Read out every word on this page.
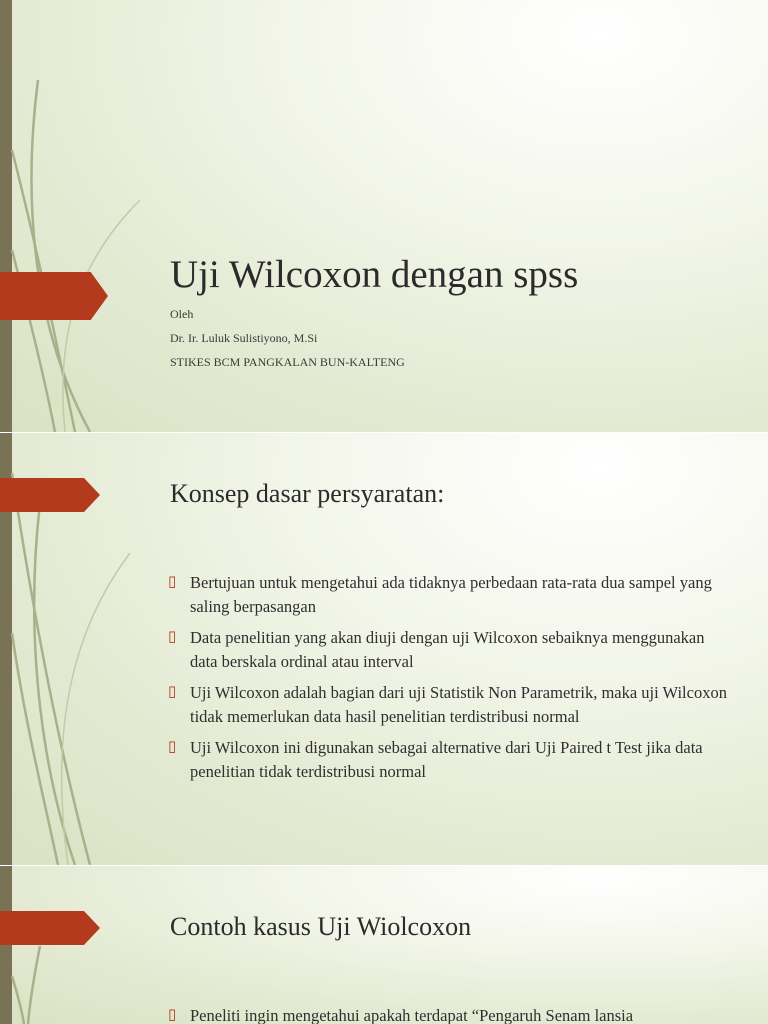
Uji Wilcoxon dengan spss
Oleh
Dr. Ir. Luluk Sulistiyono, M.Si
STIKES BCM PANGKALAN BUN-KALTENG
Konsep dasar persyaratan:
▯ Bertujuan untuk mengetahui ada tidaknya perbedaan rata-rata dua sampel yang saling berpasangan
▯ Data penelitian yang akan diuji dengan uji Wilcoxon sebaiknya menggunakan data berskala ordinal atau interval
▯ Uji Wilcoxon adalah bagian dari uji Statistik Non Parametrik, maka uji Wilcoxon tidak memerlukan data hasil penelitian terdistribusi normal
▯ Uji Wilcoxon ini digunakan sebagai alternative dari Uji Paired t Test jika data penelitian tidak terdistribusi normal
Contoh kasus Uji Wiolcoxon
▯ Peneliti ingin mengetahui apakah terdapat “Pengaruh Senam lansia
